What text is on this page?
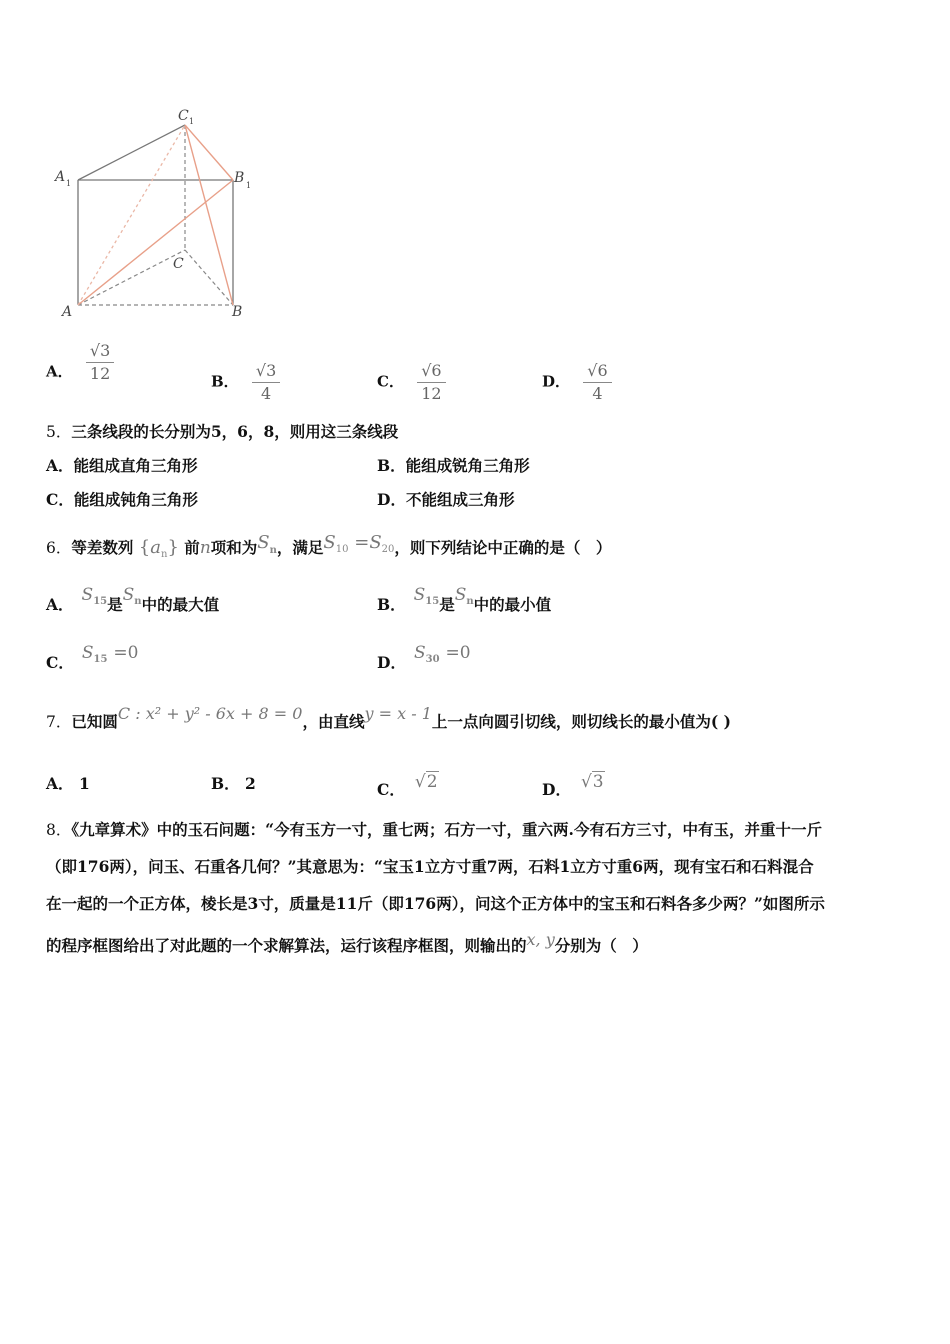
C 1
A 1	B 1
C
A	B
A． $\frac{√3}{12}$	B． $\frac{√3}{4}$	C． $\frac{√6}{12}$	D． $\frac{√6}{4}$
5．三条线段的长分别为5，6，8，则用这三条线段
A．能组成直角三角形	B．能组成锐角三角形
C．能组成钝角三角形	D．不能组成三角形
6．等差数列 $\{a_n\}$ 前n项和为Sn，满足$S_{10} =S_{20}$，则下列结论中正确的是（　）
A． $S^{15}$是$S^n$中的最大值	B． $S^{15}$是$S^n$中的最小值
C． $S^{15} =0$	D． $S^{30} =0$
7．已知圆C : x² + y² - 6x + 8 = 0，由直线y = x - 1上一点向圆引切线，则切线长的最小值为( )
A． 1	B． 2	C． √2	D． √3
8．《九章算术》中的玉石问题：“今有玉方一寸，重七两；石方一寸，重六两.今有石方三寸，中有玉，并重十一斤
（即176两），问玉、石重各几何？”其意思为：“宝玉1立方寸重7两，石料1立方寸重6两，现有宝石和石料混合
在一起的一个正方体，棱长是3寸，质量是11斤（即176两），问这个正方体中的宝玉和石料各多少两？”如图所示
的程序框图给出了对此题的一个求解算法，运行该程序框图，则输出的x, y分别为（　）
